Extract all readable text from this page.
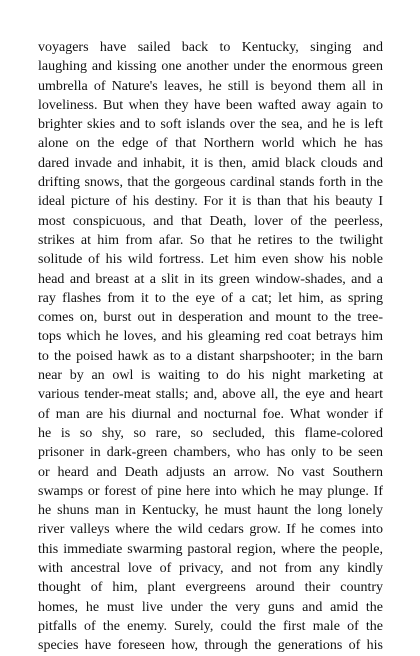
voyagers have sailed back to Kentucky, singing and
laughing and kissing one another under the enormous green
umbrella of Nature's leaves, he still is beyond them all in
loveliness. But when they have been wafted away again to
brighter skies and to soft islands over the sea, and he is left
alone on the edge of that Northern world which he has
dared invade and inhabit, it is then, amid black clouds and
drifting snows, that the gorgeous cardinal stands forth in the
ideal picture of his destiny. For it is than that his beauty I
most conspicuous, and that Death, lover of the peerless,
strikes at him from afar. So that he retires to the twilight
solitude of his wild fortress. Let him even show his noble
head and breast at a slit in its green window-shades, and a
ray flashes from it to the eye of a cat; let him, as spring
comes on, burst out in desperation and mount to the tree-
tops which he loves, and his gleaming red coat betrays him
to the poised hawk as to a distant sharpshooter; in the barn
near by an owl is waiting to do his night marketing at
various tender-meat stalls; and, above all, the eye and heart
of man are his diurnal and nocturnal foe. What wonder if
he is so shy, so rare, so secluded, this flame-colored
prisoner in dark-green chambers, who has only to be seen
or heard and Death adjusts an arrow. No vast Southern
swamps or forest of pine here into which he may plunge. If
he shuns man in Kentucky, he must haunt the long lonely
river valleys where the wild cedars grow. If he comes into
this immediate swarming pastoral region, where the people,
with ancestral love of privacy, and not from any kindly
thought of him, plant evergreens around their country
homes, he must live under the very guns and amid the
pitfalls of the enemy. Surely, could the first male of the
species have foreseen how, through the generations of his
